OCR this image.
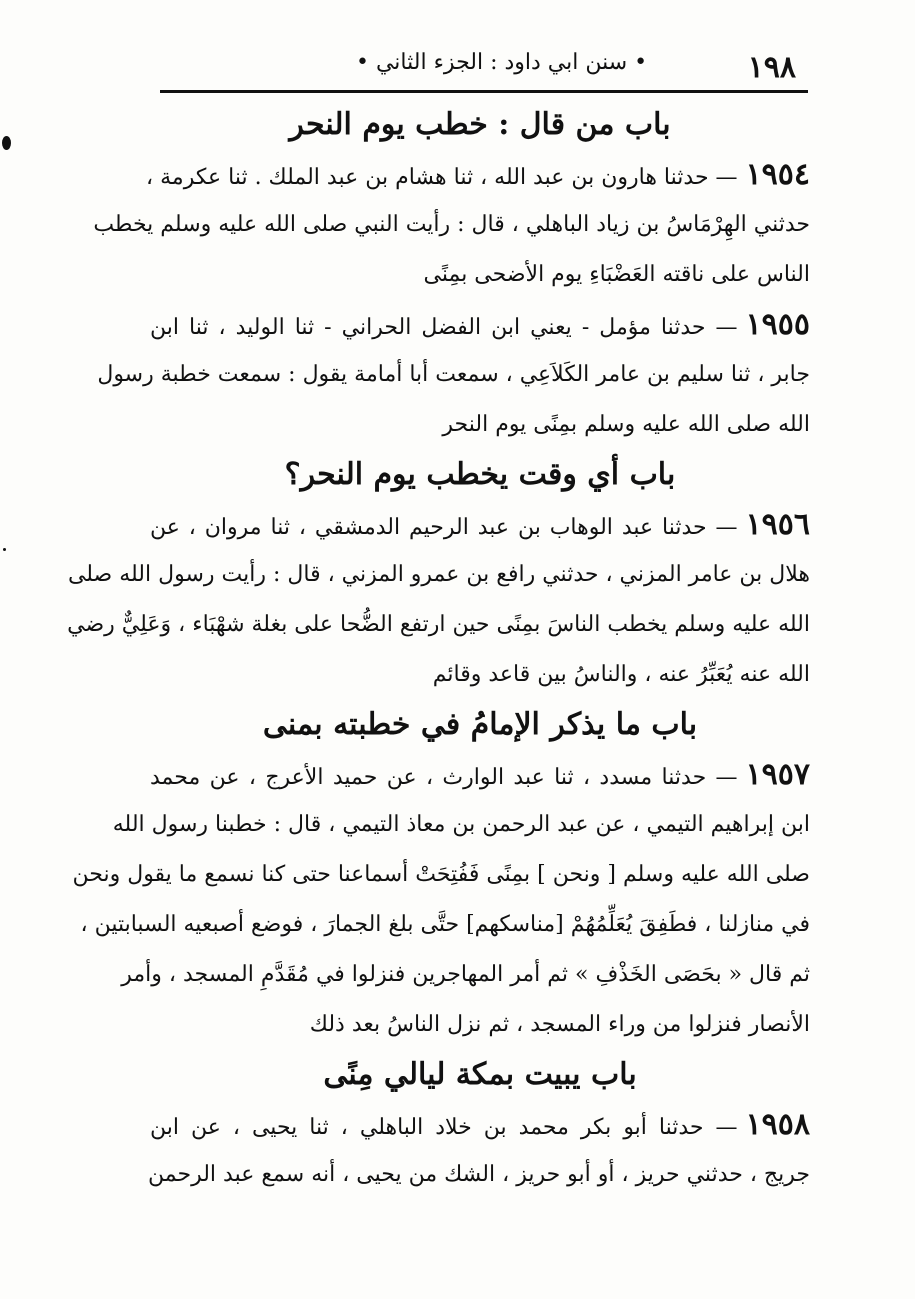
١٩٨
• سنن ابي داود : الجزء الثاني •
باب من قال : خطب يوم النحر
١٩٥٤— حدثنا هارون بن عبد الله ، ثنا هشام بن عبد الملك . ثنا عكرمة ،
حدثني الهِرْمَاسُ بن زياد الباهلي ، قال : رأيت النبي صلى الله عليه وسلم يخطب
الناس على ناقته العَضْبَاءِ يوم الأضحى بمِنًى
١٩٥٥— حدثنا مؤمل - يعني ابن الفضل الحراني - ثنا الوليد ، ثنا ابن
جابر ، ثنا سليم بن عامر الكَلاَعِي ، سمعت أبا أمامة يقول : سمعت خطبة رسول
الله صلى الله عليه وسلم بمِنًى يوم النحر
باب أي وقت يخطب يوم النحر؟
١٩٥٦— حدثنا عبد الوهاب بن عبد الرحيم الدمشقي ، ثنا مروان ، عن
هلال بن عامر المزني ، حدثني رافع بن عمرو المزني ، قال : رأيت رسول الله صلى
الله عليه وسلم يخطب الناسَ بمِنًى حين ارتفع الضُّحا على بغلة شهْبَاء ، وَعَلِيٌّ رضي
الله عنه يُعَبِّرُ عنه ، والناسُ بين قاعد وقائم
باب ما يذكر الإمامُ في خطبته بمنى
١٩٥٧— حدثنا مسدد ، ثنا عبد الوارث ، عن حميد الأعرج ، عن محمد
ابن إبراهيم التيمي ، عن عبد الرحمن بن معاذ التيمي ، قال : خطبنا رسول الله
صلى الله عليه وسلم [ ونحن ] بمِنًى فَفُتِحَتْ أسماعنا حتى كنا نسمع ما يقول ونحن
في منازلنا ، فطَفِقَ يُعَلِّمُهُمْ [مناسكهم] حتَّى بلغ الجمارَ ، فوضع أصبعيه السبابتين ،
ثم قال « بحَصَى الخَذْفِ » ثم أمر المهاجرين فنزلوا في مُقَدَّمِ المسجد ، وأمر
الأنصار فنزلوا من وراء المسجد ، ثم نزل الناسُ بعد ذلك
باب يبيت بمكة ليالي مِنًى
١٩٥٨— حدثنا أبو بكر محمد بن خلاد الباهلي ، ثنا يحيى ، عن ابن
جريج ، حدثني حريز ، أو أبو حريز ، الشك من يحيى ، أنه سمع عبد الرحمن
